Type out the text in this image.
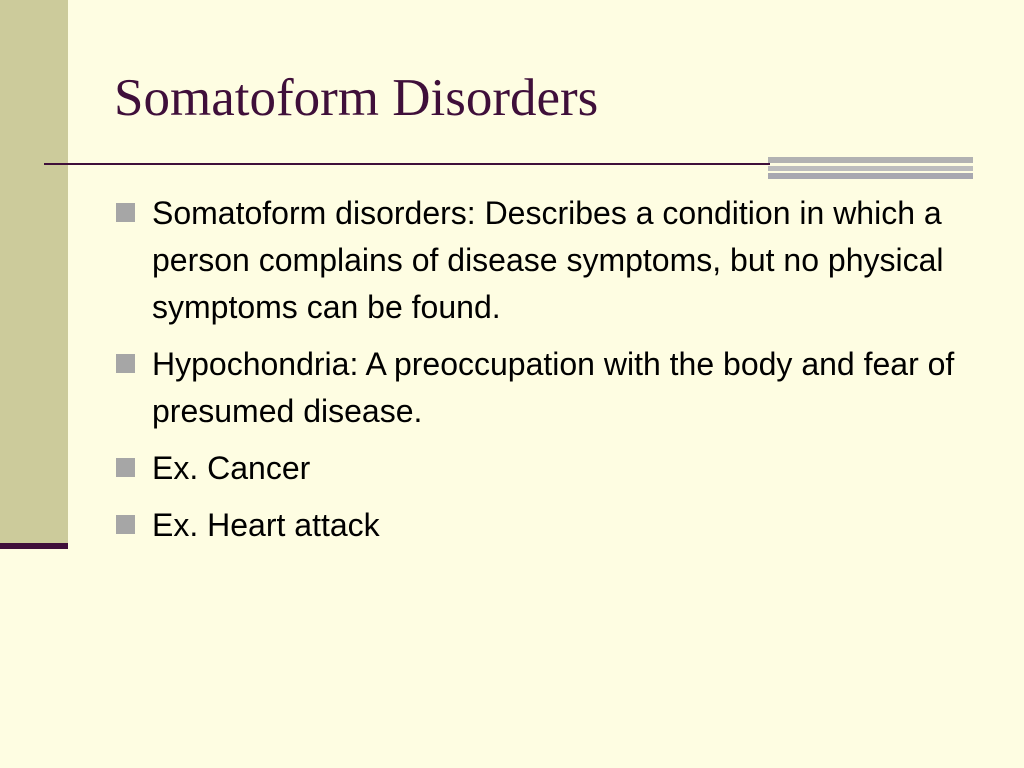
Somatoform Disorders
Somatoform disorders: Describes a condition in which a person complains of disease symptoms, but no physical symptoms can be found.
Hypochondria: A preoccupation with the body and fear of presumed disease.
Ex. Cancer
Ex. Heart attack
